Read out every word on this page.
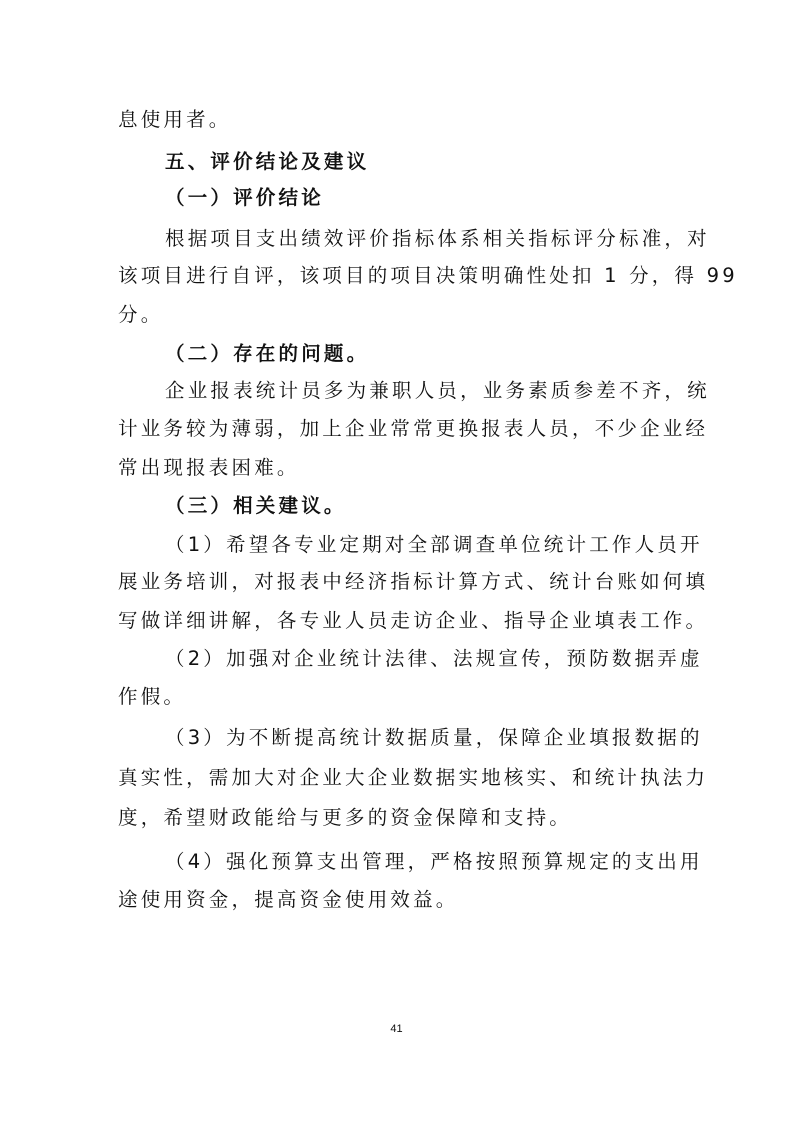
息使用者。
五、评价结论及建议
（一）评价结论
根据项目支出绩效评价指标体系相关指标评分标准，对
该项目进行自评，该项目的项目决策明确性处扣 1 分，得 99
分。
（二）存在的问题。
企业报表统计员多为兼职人员，业务素质参差不齐，统
计业务较为薄弱，加上企业常常更换报表人员，不少企业经
常出现报表困难。
（三）相关建议。
（1）希望各专业定期对全部调查单位统计工作人员开
展业务培训，对报表中经济指标计算方式、统计台账如何填
写做详细讲解，各专业人员走访企业、指导企业填表工作。
（2）加强对企业统计法律、法规宣传，预防数据弄虚
作假。
（3）为不断提高统计数据质量，保障企业填报数据的
真实性，需加大对企业大企业数据实地核实、和统计执法力
度，希望财政能给与更多的资金保障和支持。
（4）强化预算支出管理，严格按照预算规定的支出用
途使用资金，提高资金使用效益。
41
